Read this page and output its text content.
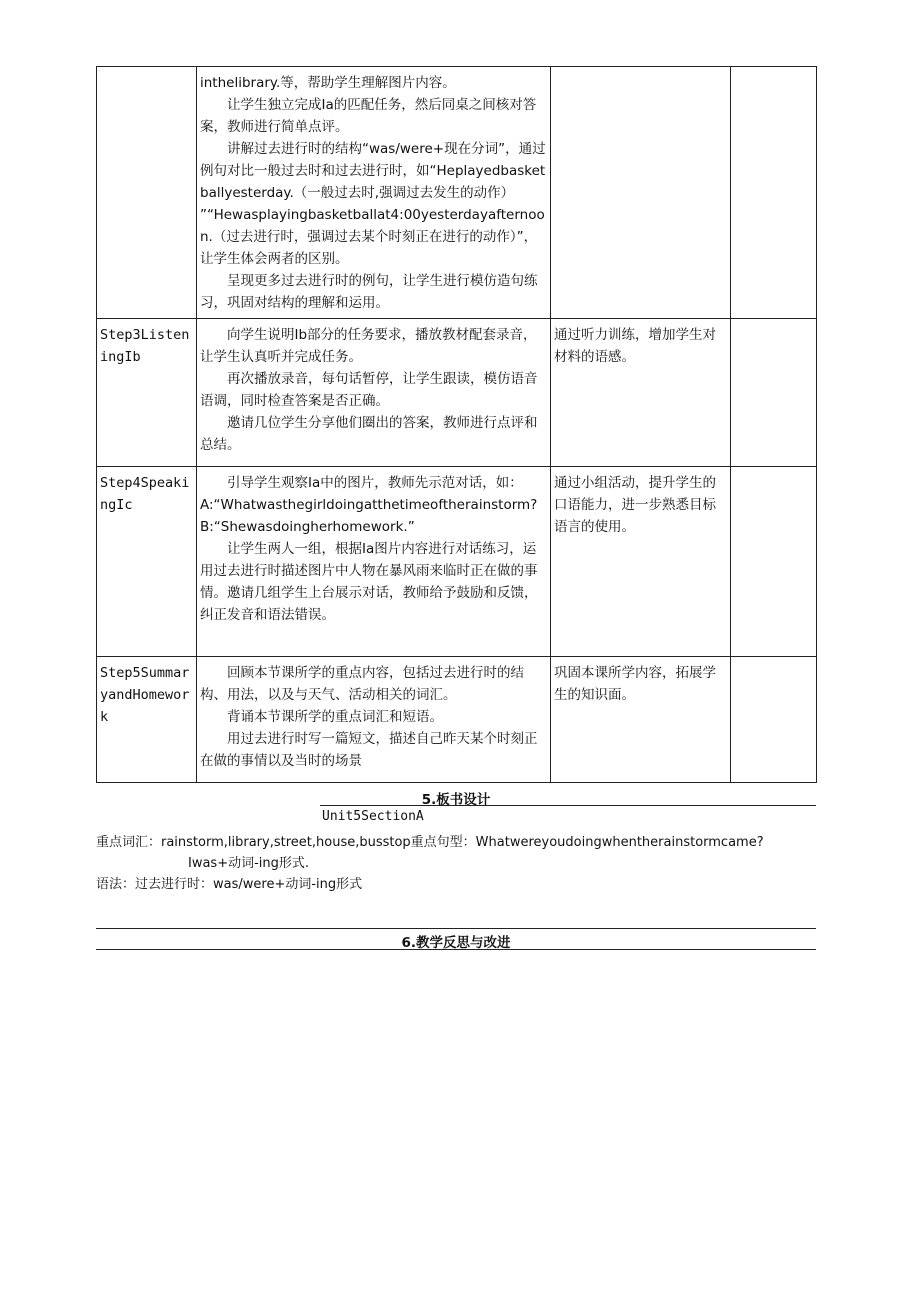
	inthelibrary.等，帮助学生理解图片内容。

让学生独立完成Ia的匹配任务，然后同桌之间核对答案，教师进行简单点评。

讲解过去进行时的结构“was/were+现在分词”，通过例句对比一般过去时和过去进行时，如“Heplayedbasketballyesterday.（一般过去时,强调过去发生的动作）

”“Hewasplayingbasketballat4:00yesterdayafternoon.（过去进行时，强调过去某个时刻正在进行的动作）”，让学生体会两者的区别。

呈现更多过去进行时的例句，让学生进行模仿造句练习，巩固对结构的理解和运用。		

Step3ListeningIb	向学生说明Ib部分的任务要求，播放教材配套录音，让学生认真听并完成任务。

再次播放录音，每句话暂停，让学生跟读，模仿语音语调，同时检查答案是否正确。

邀请几位学生分享他们圈出的答案，教师进行点评和总结。	通过听力训练，增加学生对材料的语感。	
Step4SpeakingIc	引导学生观察Ia中的图片，教师先示范对话，如：A:“Whatwasthegirldoingatthetimeoftherainstorm?B:“Shewasdoingherhomework.”

让学生两人一组，根据Ia图片内容进行对话练习，运用过去进行时描述图片中人物在暴风雨来临时正在做的事情。邀请几组学生上台展示对话，教师给予鼓励和反馈，纠正发音和语法错误。	通过小组活动，提升学生的口语能力，进一步熟悉目标语言的使用。	
Step5SummaryandHomework	回顾本节课所学的重点内容，包括过去进行时的结构、用法，以及与天气、活动相关的词汇。

背诵本节课所学的重点词汇和短语。

用过去进行时写一篇短文，描述自己昨天某个时刻正在做的事情以及当时的场景	巩固本课所学内容，拓展学生的知识面。	
5.板书设计
Unit5SectionA
重点词汇：rainstorm,library,street,house,busstop重点句型：Whatwereyoudoingwhentherainstormcame?
Iwas+动词-ing形式.
语法：过去进行时：was/were+动词-ing形式
6.教学反思与改进
